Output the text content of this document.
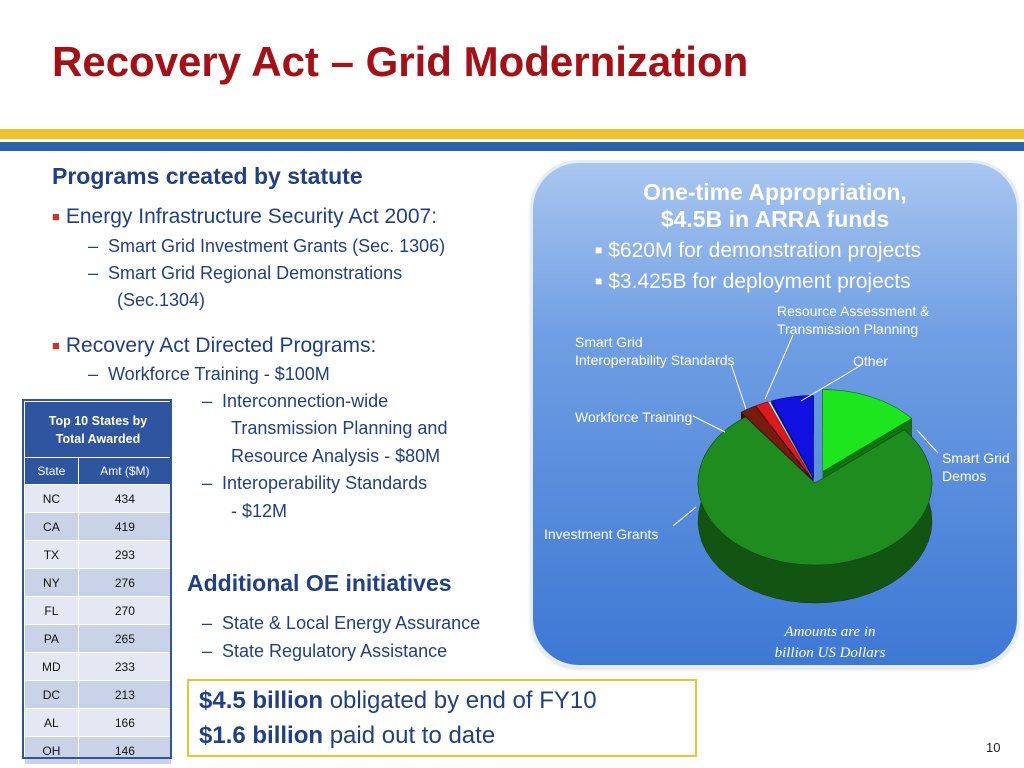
Recovery Act – Grid Modernization
Programs created by statute
■ Energy Infrastructure Security Act 2007:
– Smart Grid Investment Grants (Sec. 1306)
– Smart Grid Regional Demonstrations
(Sec.1304)
■ Recovery Act Directed Programs:
– Workforce Training - $100M
– Interconnection-wide
Transmission Planning and
Resource Analysis - $80M
– Interoperability Standards
- $12M
Additional OE initiatives
– State & Local Energy Assurance
– State Regulatory Assistance
Top 10 States by
Total Awarded	
State	Amt ($M)
NC	434
CA	419
TX	293
NY	276
FL	270
PA	265
MD	233
DC	213
AL	166
OH	146
One-time Appropriation,
$4.5B in ARRA funds
■ $620M for demonstration projects
■ $3.425B for deployment projects
Resource Assessment &
Transmission Planning
Smart Grid
Interoperability Standards	Other
Workforce Training
Smart Grid
Demos
Investment Grants
Amounts are in
billion US Dollars
$4.5 billion obligated by end of FY10
$1.6 billion paid out to date	10
